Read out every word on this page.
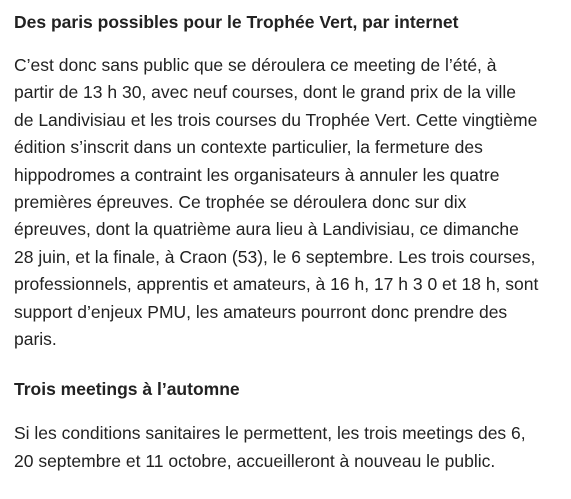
Des paris possibles pour le Trophée Vert, par internet

C’est donc sans public que se déroulera ce meeting de l’été, à
partir de 13 h 30, avec neuf courses, dont le grand prix de la ville
de Landivisiau et les trois courses du Trophée Vert. Cette vingtième
édition s’inscrit dans un contexte particulier, la fermeture des
hippodromes a contraint les organisateurs à annuler les quatre
premières épreuves. Ce trophée se déroulera donc sur dix
épreuves, dont la quatrième aura lieu à Landivisiau, ce dimanche
28 juin, et la finale, à Craon (53), le 6 septembre. Les trois courses,
professionnels, apprentis et amateurs, à 16 h, 17 h 3 0 et 18 h, sont
support d’enjeux PMU, les amateurs pourront donc prendre des
paris.

Trois meetings à l’automne

Si les conditions sanitaires le permettent, les trois meetings des 6,
20 septembre et 11 octobre, accueilleront à nouveau le public.
